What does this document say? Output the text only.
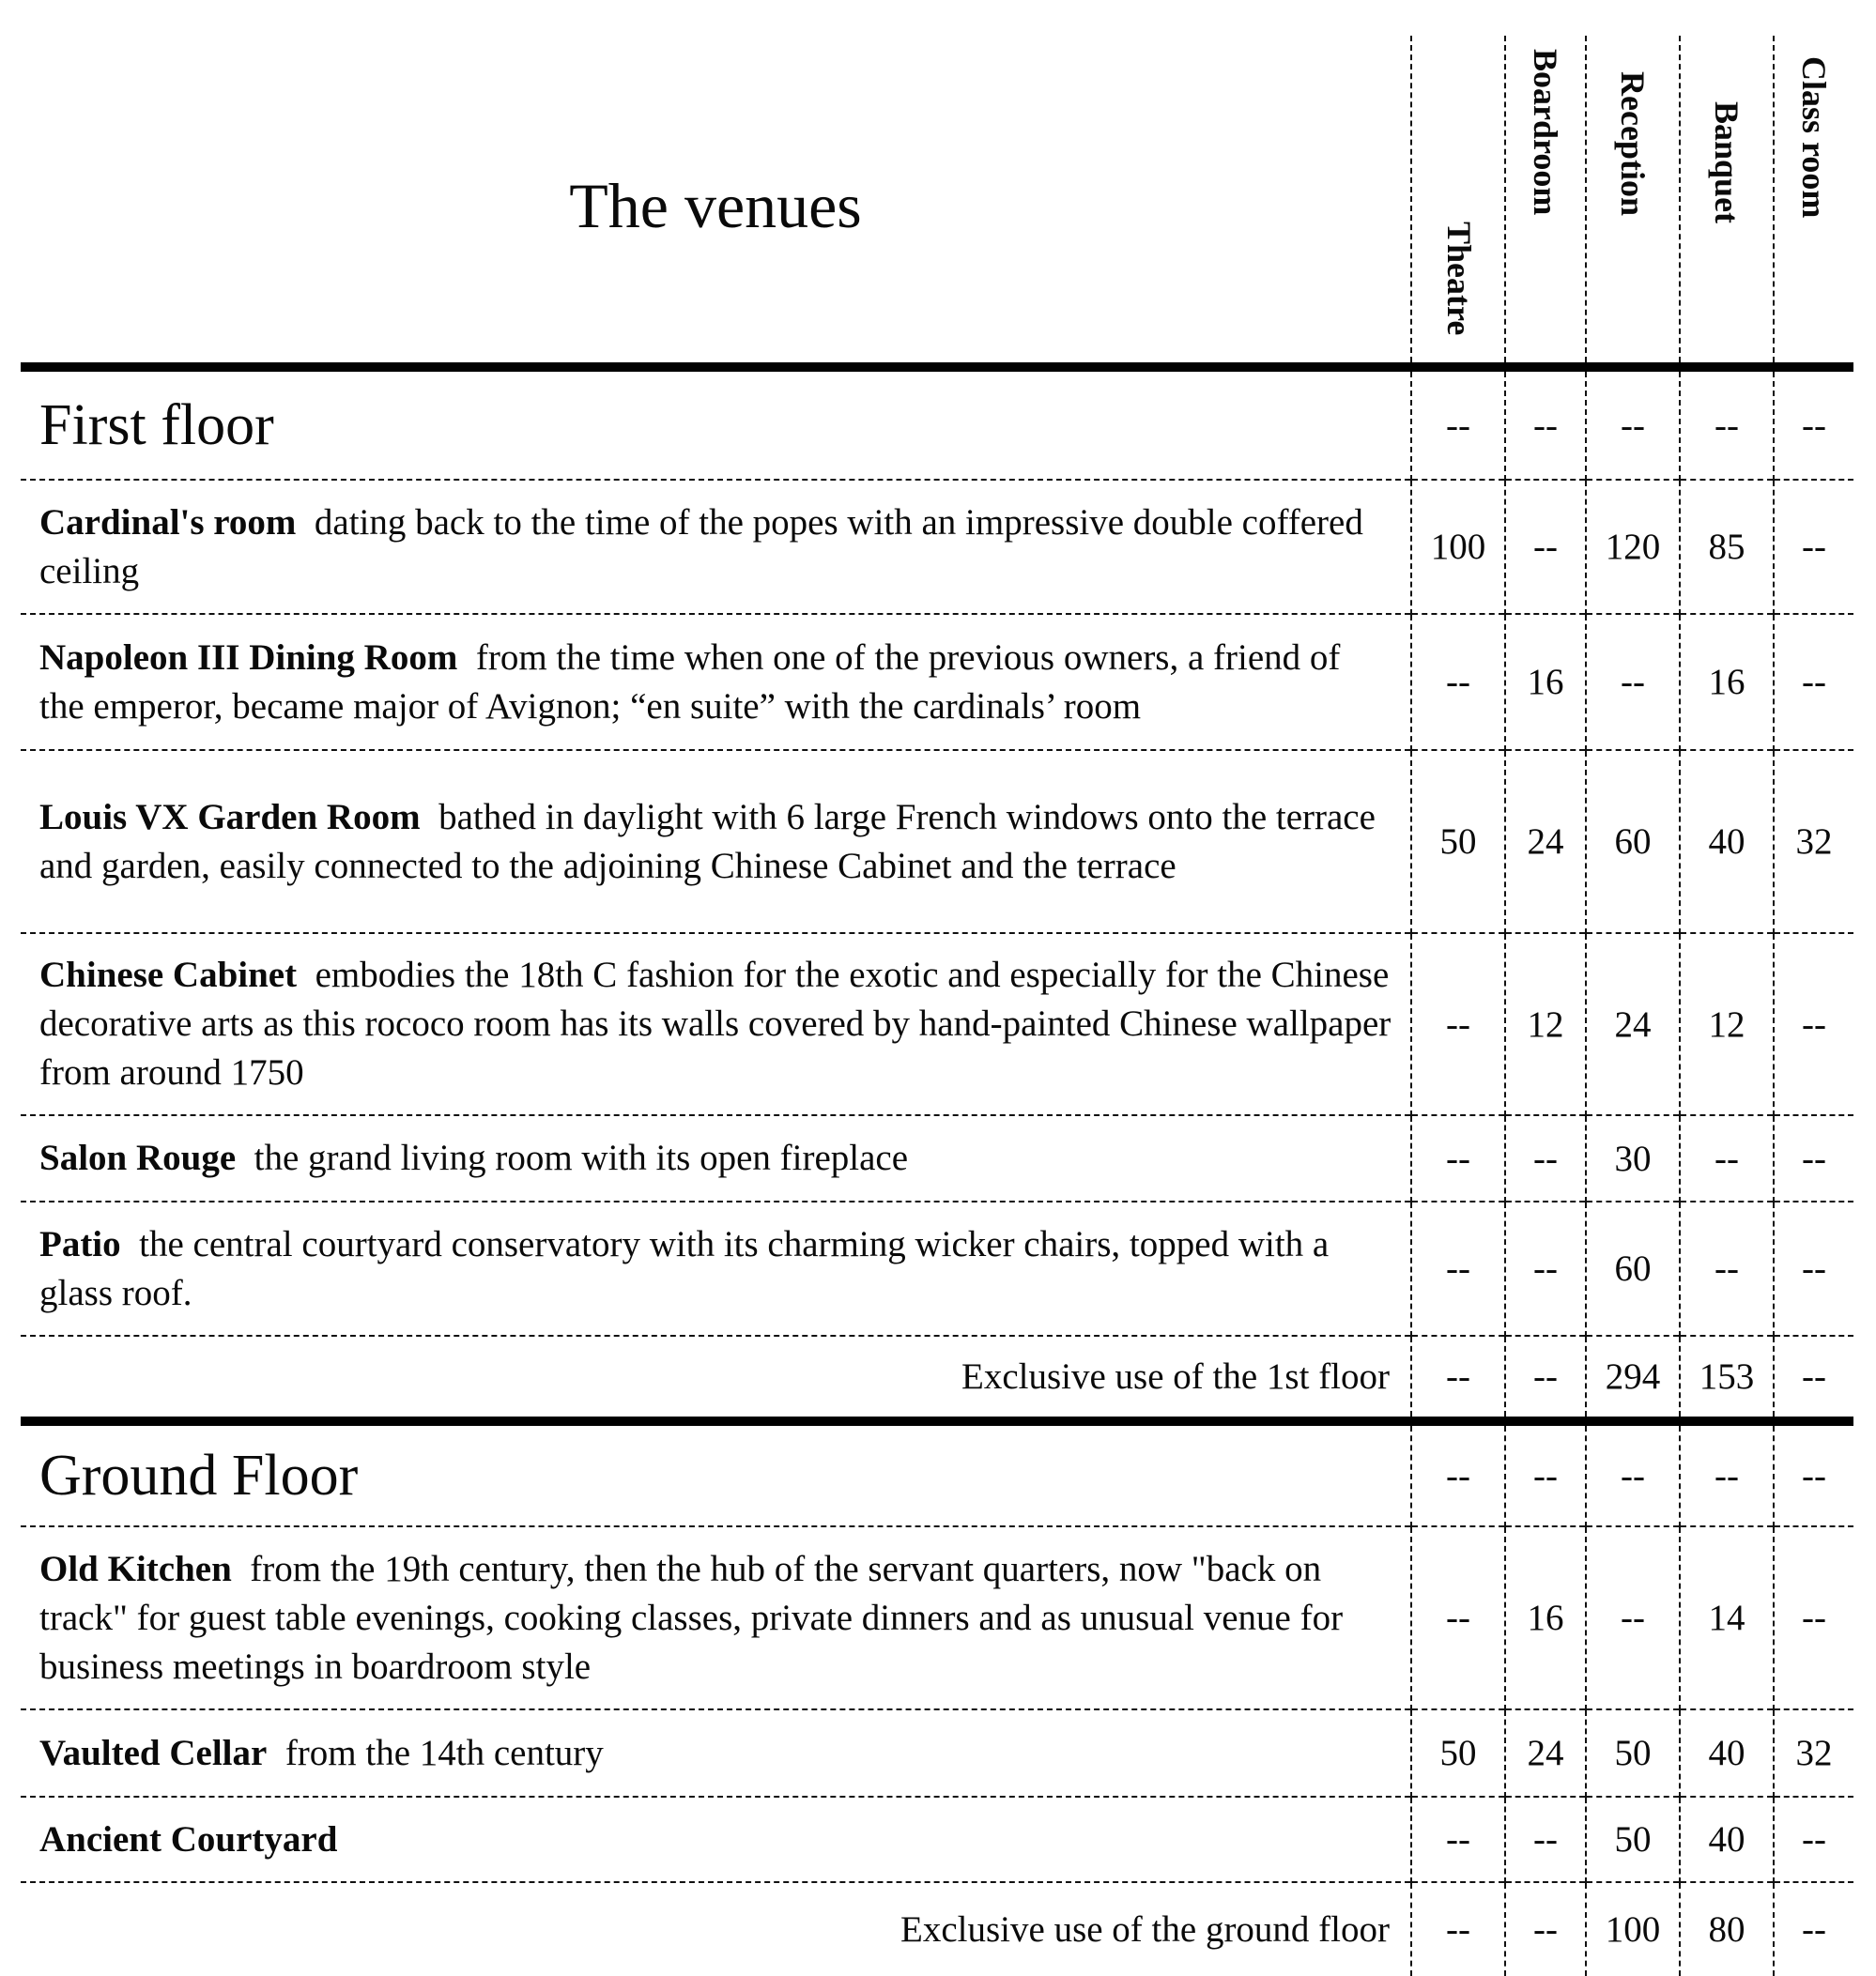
The venues	Theatre	Boardroom	Reception	Banquet	Class room
First floor	--	--	--	--	--
Cardinal's room dating back to the time of the popes with an impressive double coffered ceiling	100	--	120	85	--
Napoleon III Dining Room from the time when one of the previous owners, a friend of the emperor, became major of Avignon; “en suite” with the cardinals’ room	--	16	--	16	--
Louis VX Garden Room bathed in daylight with 6 large French windows onto the terrace and garden, easily connected to the adjoining Chinese Cabinet and the terrace	50	24	60	40	32
Chinese Cabinet embodies the 18th C fashion for the exotic and especially for the Chinese decorative arts as this rococo room has its walls covered by hand-painted Chinese wallpaper from around 1750	--	12	24	12	--
Salon Rouge the grand living room with its open fireplace	--	--	30	--	--
Patio the central courtyard conservatory with its charming wicker chairs, topped with a glass roof.	--	--	60	--	--
Exclusive use of the 1st floor	--	--	294	153	--
Ground Floor	--	--	--	--	--
Old Kitchen from the 19th century, then the hub of the servant quarters, now "back on track" for guest table evenings, cooking classes, private dinners and as unusual venue for business meetings in boardroom style	--	16	--	14	--
Vaulted Cellar from the 14th century	50	24	50	40	32
Ancient Courtyard	--	--	50	40	--
Exclusive use of the ground floor	--	--	100	80	--
